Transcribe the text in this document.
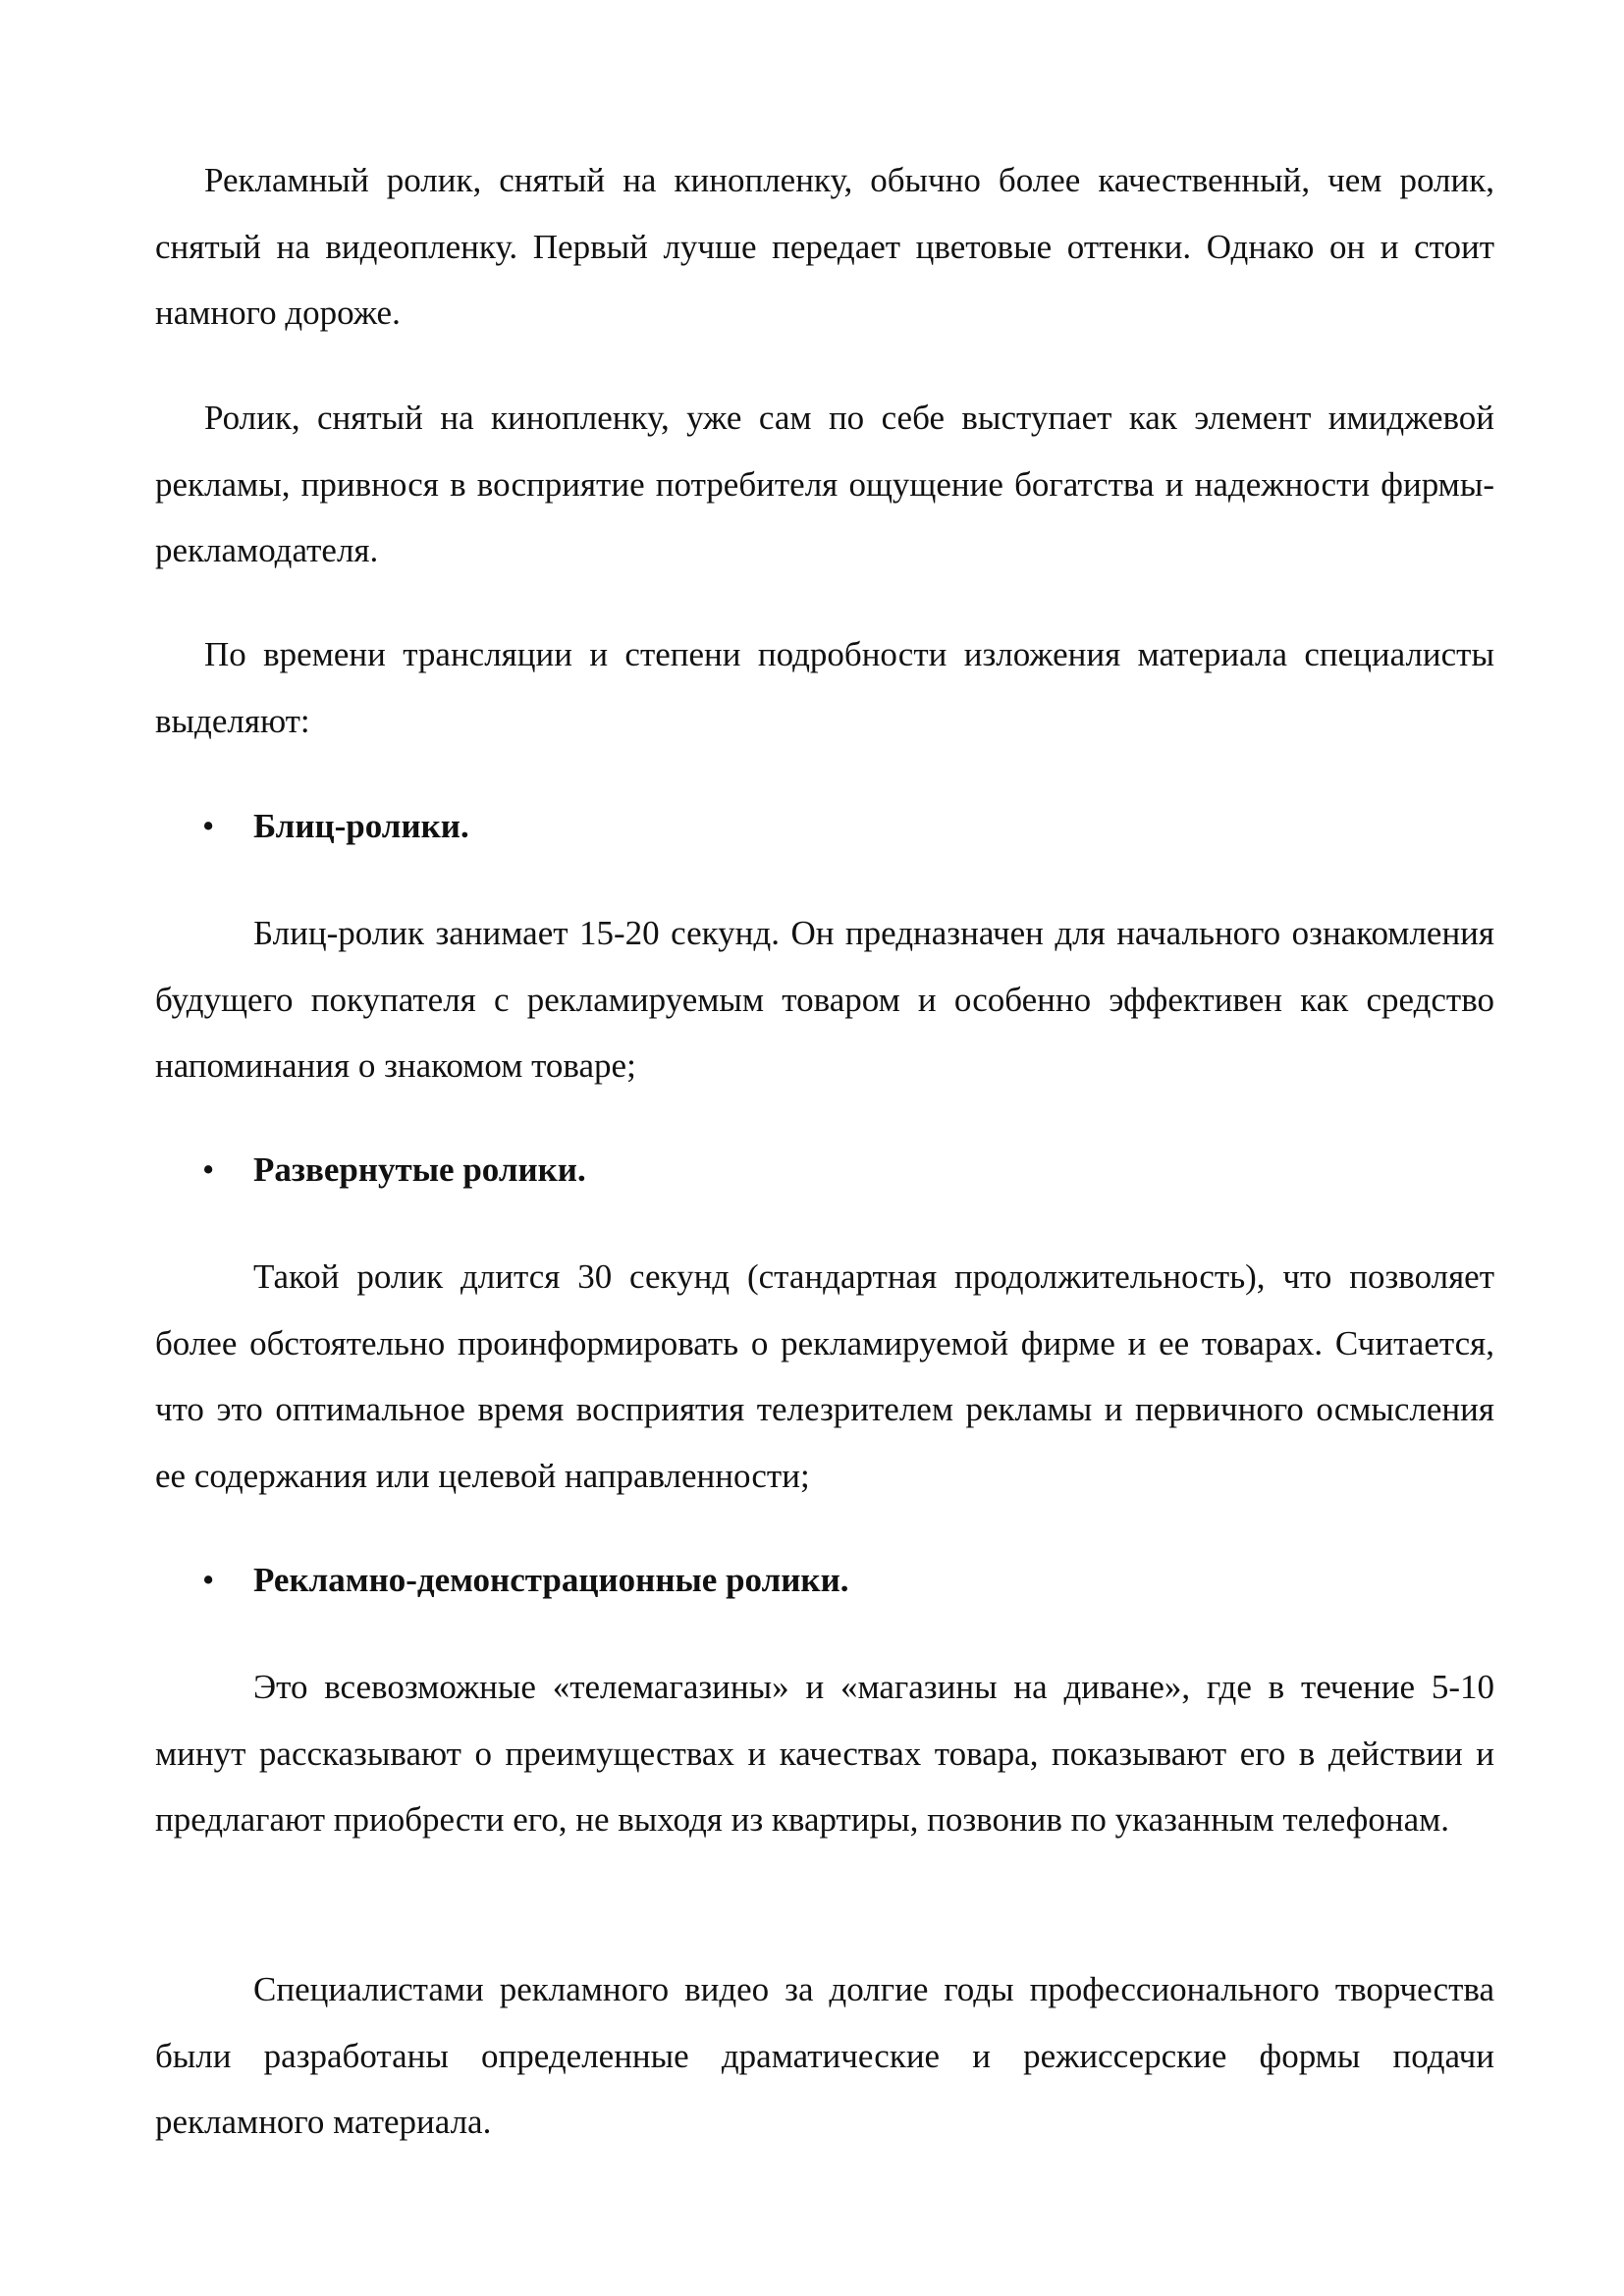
Рекламный ролик, снятый на кинопленку, обычно более качественный, чем ролик, снятый на видеопленку. Первый лучше передает цветовые оттенки. Однако он и стоит намного дороже.

Ролик, снятый на кинопленку, уже сам по себе выступает как элемент имиджевой рекламы, привнося в восприятие потребителя ощущение богатства и надежности фирмы-рекламодателя.

По времени трансляции и степени подробности изложения материала специалисты выделяют:

• Блиц-ролики.

Блиц-ролик занимает 15-20 секунд. Он предназначен для начального ознакомления будущего покупателя с рекламируемым товаром и особенно эффективен как средство напоминания о знакомом товаре;

• Развернутые ролики.

Такой ролик длится 30 секунд (стандартная продолжительность), что позволяет более обстоятельно проинформировать о рекламируемой фирме и ее товарах. Считается, что это оптимальное время восприятия телезрителем рекламы и первичного осмысления ее содержания или целевой направленности;

• Рекламно-демонстрационные ролики.

Это всевозможные «телемагазины» и «магазины на диване», где в течение 5-10 минут рассказывают о преимуществах и качествах товара, показывают его в действии и предлагают приобрести его, не выходя из квартиры, позвонив по указанным телефонам.

Специалистами рекламного видео за долгие годы профессионального творчества были разработаны определенные драматические и режиссерские формы подачи рекламного материала.
